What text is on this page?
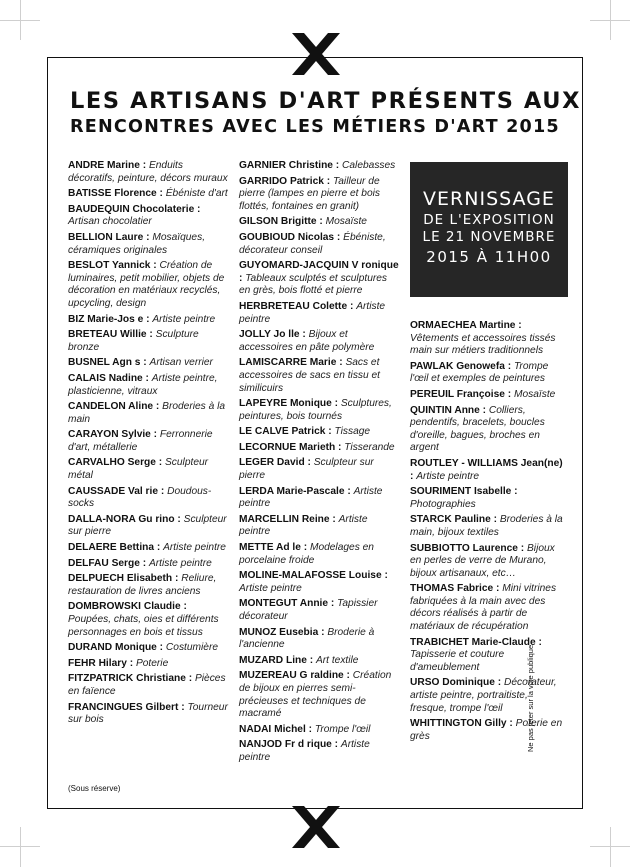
LES ARTISANS D'ART PRÉSENTS AUX
RENCONTRES AVEC LES MÉTIERS D'ART 2015
VERNISSAGE
DE L'EXPOSITION
LE 21 NOVEMBRE
2015 À 11H00
ANDRE Marine : Enduits décoratifs, peinture, décors muraux
BATISSE Florence : Ébéniste d'art
BAUDEQUIN Chocolaterie : Artisan chocolatier
BELLION Laure : Mosaïques, céramiques originales
BESLOT Yannick : Création de luminaires, petit mobilier, objets de décoration en matériaux recyclés, upcycling, design
BIZ Marie-Jos e : Artiste peintre
BRETEAU Willie : Sculpture bronze
BUSNEL Agn s : Artisan verrier
CALAIS Nadine : Artiste peintre, plasticienne, vitraux
CANDELON Aline : Broderies à la main
CARAYON Sylvie : Ferronnerie d'art, métallerie
CARVALHO Serge : Sculpteur métal
CAUSSADE Val rie : Doudous-socks
DALLA-NORA Gu rino : Sculpteur sur pierre
DELAERE Bettina : Artiste peintre
DELFAU Serge : Artiste peintre
DELPUECH Elisabeth : Reliure, restauration de livres anciens
DOMBROWSKI Claudie : Poupées, chats, oies et différents personnages en bois et tissus
DURAND Monique : Costumière
FEHR Hilary : Poterie
FITZPATRICK Christiane : Pièces en faïence
FRANCINGUES Gilbert : Tourneur sur bois
GARNIER Christine : Calebasses
GARRIDO Patrick : Tailleur de pierre (lampes en pierre et bois flottés, fontaines en granit)
GILSON Brigitte : Mosaïste
GOUBIOUD Nicolas : Ébéniste, décorateur conseil
GUYOMARD-JACQUIN V ronique : Tableaux sculptés et sculptures en grès, bois flotté et pierre
HERBRETEAU Colette : Artiste peintre
JOLLY Jo lle : Bijoux et accessoires en pâte polymère
LAMISCARRE Marie : Sacs et accessoires de sacs en tissu et similicuirs
LAPEYRE Monique : Sculptures, peintures, bois tournés
LE CALVE Patrick : Tissage
LECORNUE Marieth : Tisserande
LEGER David : Sculpteur sur pierre
LERDA Marie-Pascale : Artiste peintre
MARCELLIN Reine : Artiste peintre
METTE Ad le : Modelages en porcelaine froide
MOLINE-MALAFOSSE Louise : Artiste peintre
MONTEGUT Annie : Tapissier décorateur
MUNOZ Eusebia : Broderie à l'ancienne
MUZARD Line : Art textile
MUZEREAU G raldine : Création de bijoux en pierres semi-précieuses et techniques de macramé
NADAI Michel : Trompe l'œil
NANJOD Fr d rique : Artiste peintre
ORMAECHEA Martine : Vêtements et accessoires tissés main sur métiers traditionnels
PAWLAK Genowefa : Trompe l'œil et exemples de peintures
PEREUIL Françoise : Mosaïste
QUINTIN Anne : Colliers, pendentifs, bracelets, boucles d'oreille, bagues, broches en argent
ROUTLEY - WILLIAMS Jean(ne) : Artiste peintre
SOURIMENT Isabelle : Photographies
STARCK Pauline : Broderies à la main, bijoux textiles
SUBBIOTTO Laurence : Bijoux en perles de verre de Murano, bijoux artisanaux, etc…
THOMAS Fabrice : Mini vitrines fabriquées à la main avec des décors réalisés à partir de matériaux de récupération
TRABICHET Marie-Claude : Tapisserie et couture d'ameublement
URSO Dominique : Décorateur, artiste peintre, portraitiste, fresque, trompe l'œil
WHITTINGTON Gilly : Poterie en grès
(Sous réserve)
Ne pas jeter sur la voie publique
